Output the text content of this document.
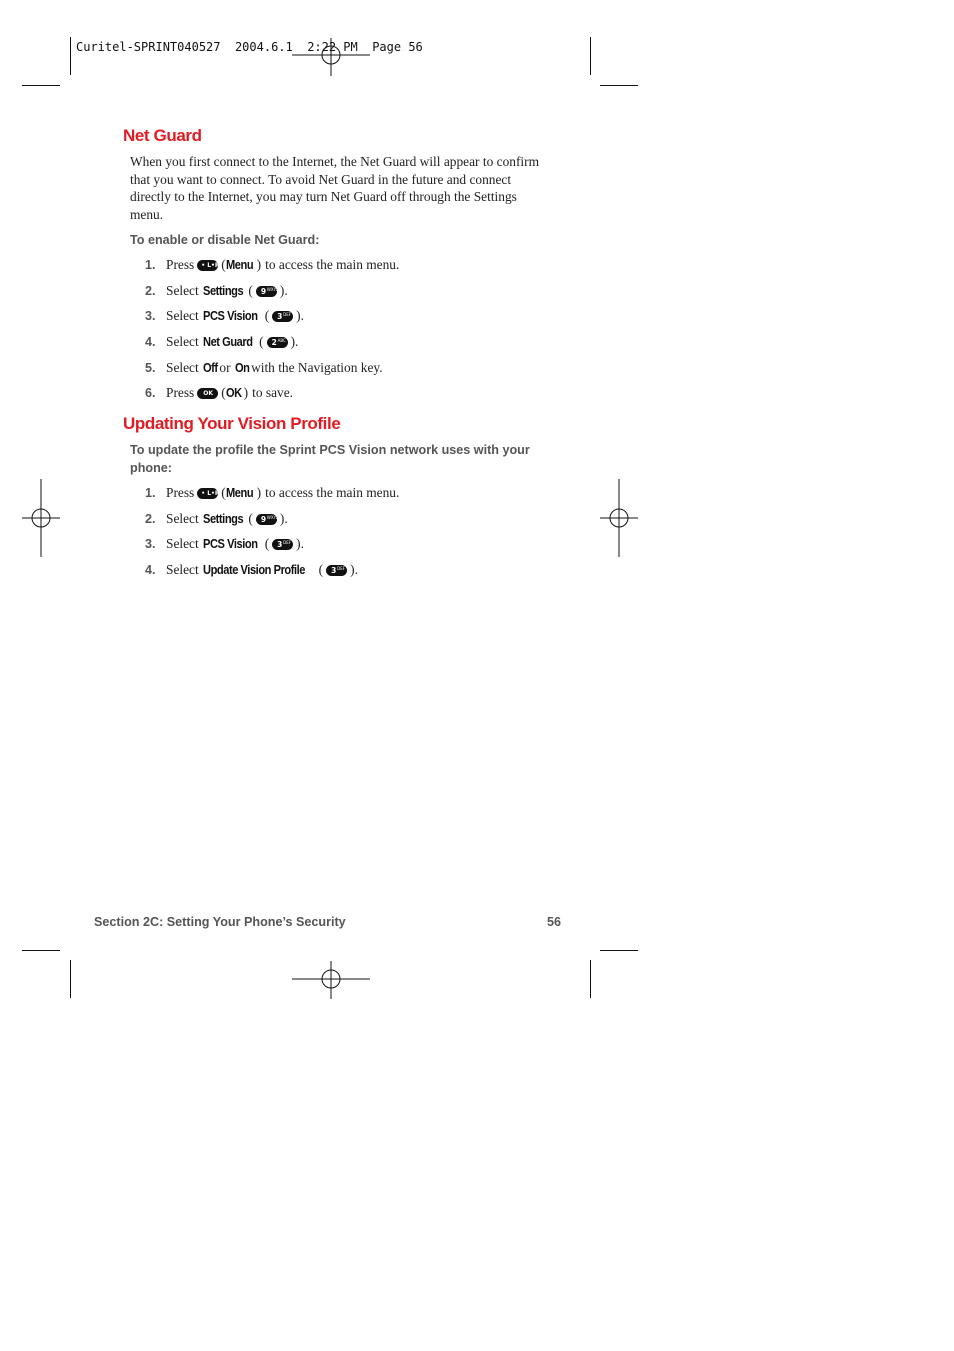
Curitel-SPRINT040527  2004.6.1  2:22 PM  Page 56
Net Guard

When you first connect to the Internet, the Net Guard will appear to confirm that you want to connect. To avoid Net Guard in the future and connect directly to the Internet, you may turn Net Guard off through the Settings menu.

To enable or disable Net Guard:

1. Press • L•R ( Menu ) to access the main menu.
2. Select Settings ( 9 WXYZ ).
3. Select PCS Vision ( 3 DEF ).
4. Select Net Guard ( 2 ABC ).
5. Select Off or On with the Navigation key.
6. Press OK ( OK ) to save.
Updating Your Vision Profile

To update the profile the Sprint PCS Vision network uses with your phone:

1. Press • L•R ( Menu ) to access the main menu.
2. Select Settings ( 9 WXYZ ).
3. Select PCS Vision ( 3 DEF ).
4. Select Update Vision Profile ( 3 DEF ).
Section 2C: Setting Your Phone’s Security	56
